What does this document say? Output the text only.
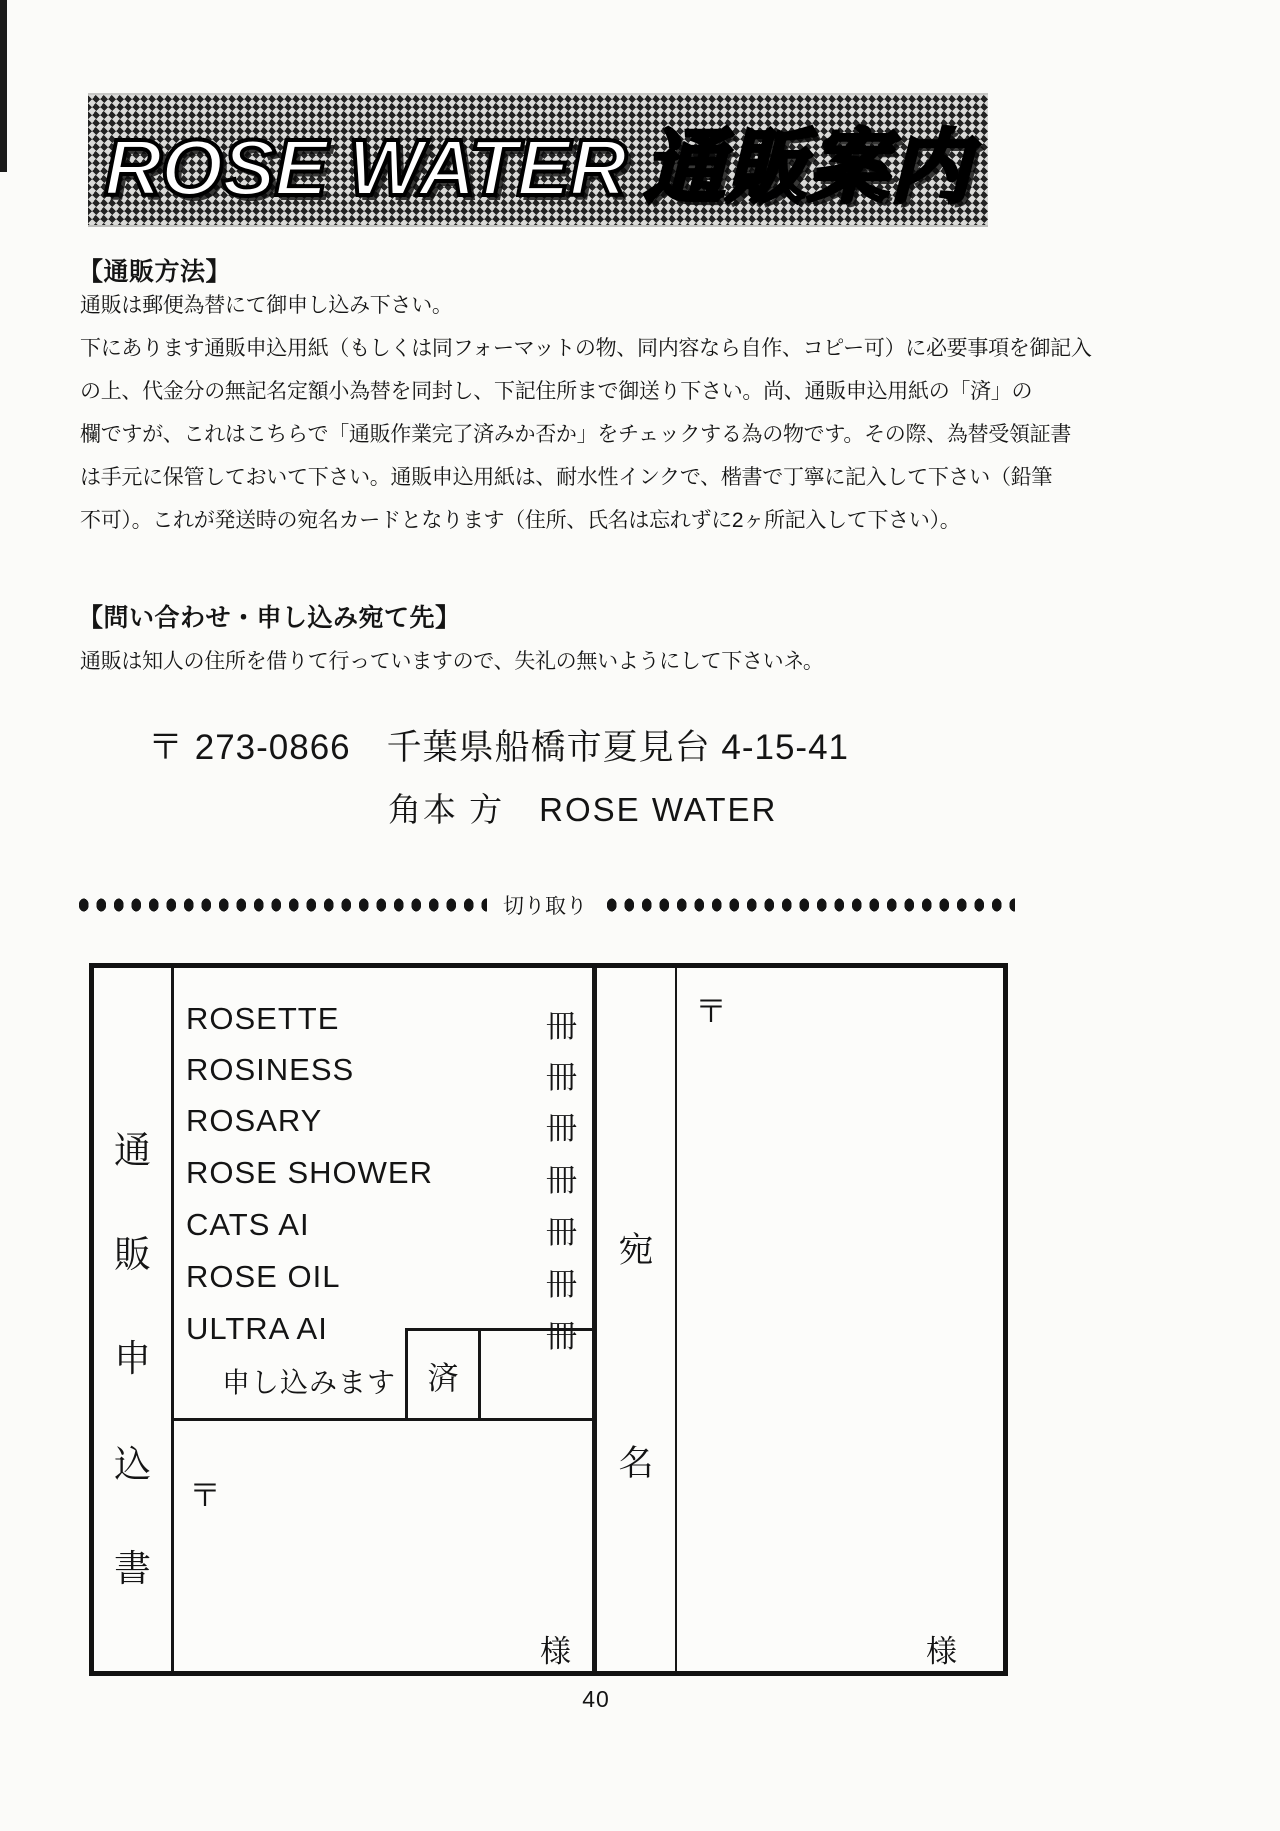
ROSE WATER 通販案内
【通販方法】
通販は郵便為替にて御申し込み下さい。
下にあります通販申込用紙（もしくは同フォーマットの物、同内容なら自作、コピー可）に必要事項を御記入
の上、代金分の無記名定額小為替を同封し、下記住所まで御送り下さい。尚、通販申込用紙の「済」の
欄ですが、これはこちらで「通販作業完了済みか否か」をチェックする為の物です。その際、為替受領証書
は手元に保管しておいて下さい。通販申込用紙は、耐水性インクで、楷書で丁寧に記入して下さい（鉛筆
不可）。これが発送時の宛名カードとなります（住所、氏名は忘れずに2ヶ所記入して下さい）。
【問い合わせ・申し込み宛て先】
通販は知人の住所を借りて行っていますので、失礼の無いようにして下さいネ。
〒 273-0866　千葉県船橋市夏見台 4-15-41
角本 方　ROSE WATER
切り取り
通
販
申
込
書
ROSETTE	冊
ROSINESS	冊
ROSARY	冊
ROSE SHOWER	冊
CATS AI	冊
ROSE OIL	冊
ULTRA AI	冊
申し込みます	済
〒
様
宛
名
〒
様
40
